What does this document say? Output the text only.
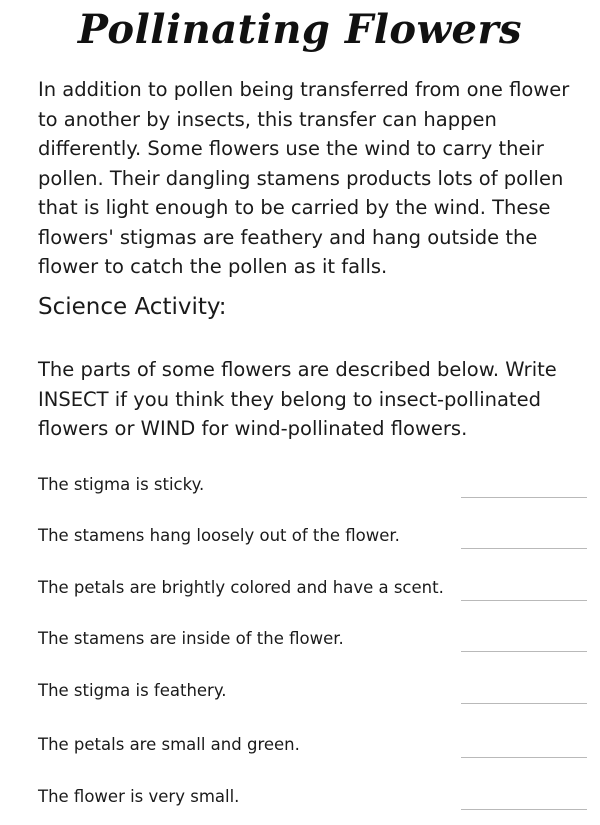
Pollinating Flowers

In addition to pollen being transferred from one flower to another by insects, this transfer can happen differently. Some flowers use the wind to carry their pollen. Their dangling stamens products lots of pollen that is light enough to be carried by the wind. These flowers' stigmas are feathery and hang outside the flower to catch the pollen as it falls.

Science Activity:

The parts of some flowers are described below. Write INSECT if you think they belong to insect-pollinated flowers or WIND for wind-pollinated flowers.

The stigma is sticky.
The stamens hang loosely out of the flower.
The petals are brightly colored and have a scent.
The stamens are inside of the flower.
The stigma is feathery.
The petals are small and green.
The flower is very small.
